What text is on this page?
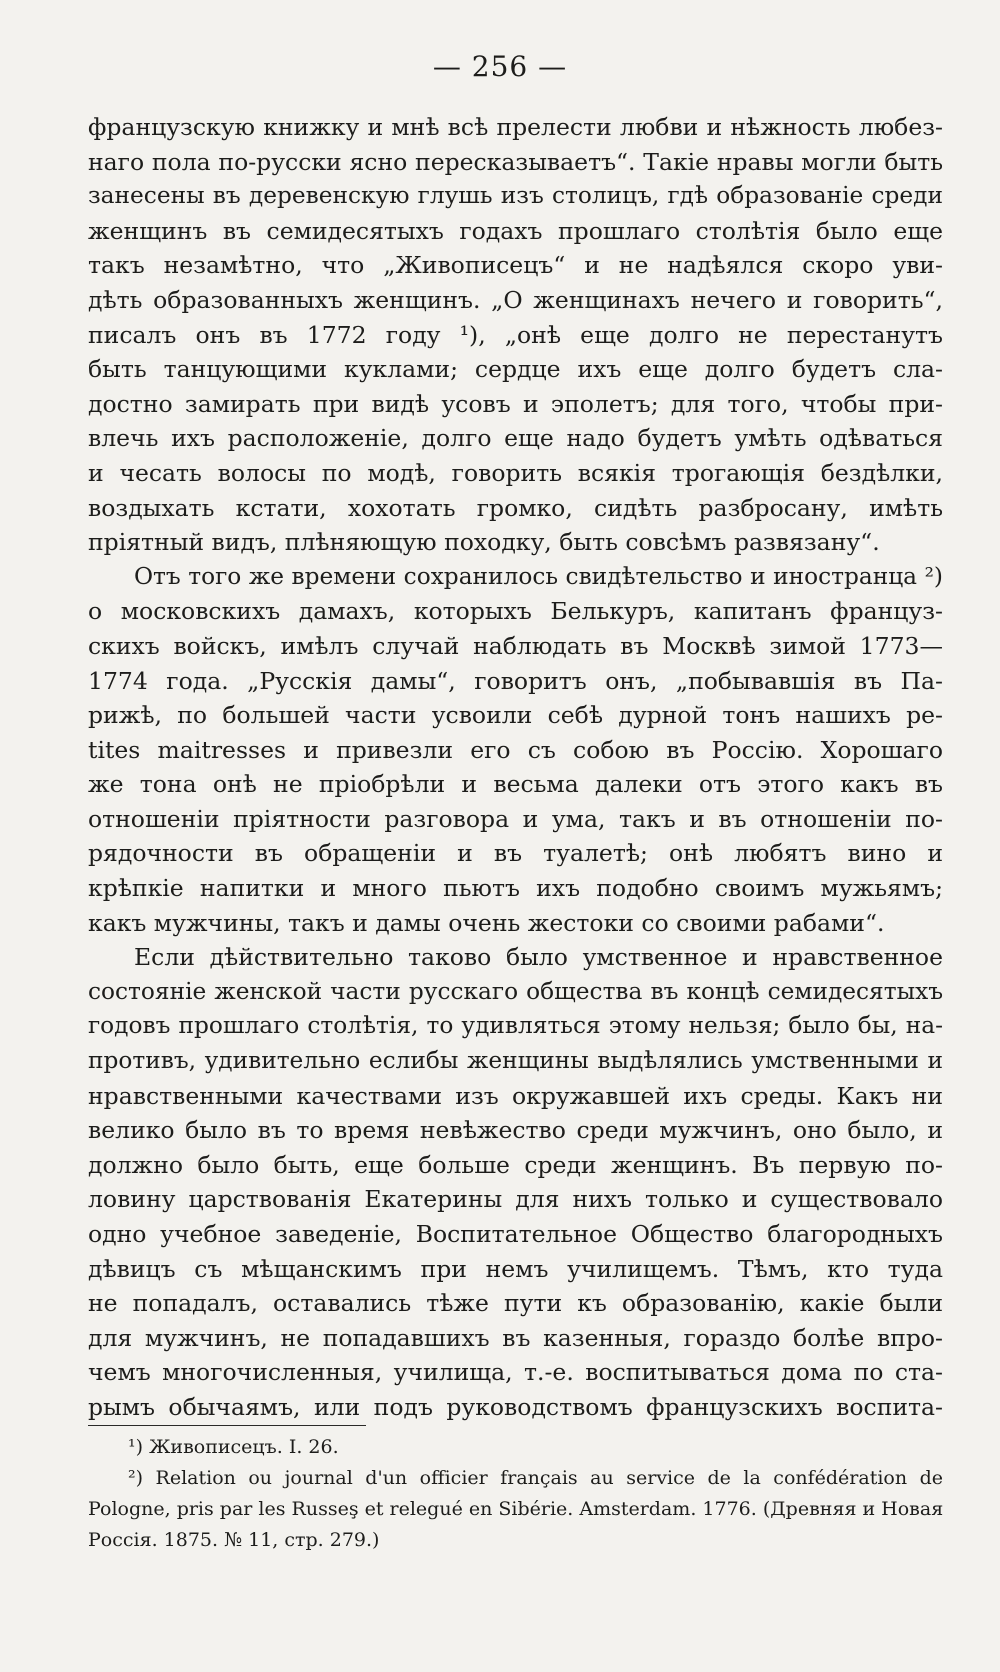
— 256 —
французскую книжку и мнѣ всѣ прелести любви и нѣжность любез-
наго пола по-русски ясно пересказываетъ“. Такіе нравы могли быть
занесены въ деревенскую глушь изъ столицъ, гдѣ образованіе среди
женщинъ въ семидесятыхъ годахъ прошлаго столѣтія было еще
такъ незамѣтно, что „Живописецъ“ и не надѣялся скоро уви-
дѣть образованныхъ женщинъ. „О женщинахъ нечего и говорить“,
писалъ онъ въ 1772 году ¹), „онѣ еще долго не перестанутъ
быть танцующими куклами; сердце ихъ еще долго будетъ сла-
достно замирать при видѣ усовъ и эполетъ; для того, чтобы при-
влечь ихъ расположеніе, долго еще надо будетъ умѣть одѣваться
и чесать волосы по модѣ, говорить всякія трогающія бездѣлки,
воздыхать кстати, хохотать громко, сидѣть разбросану, имѣть
пріятный видъ, плѣняющую походку, быть совсѣмъ развязану“.
Отъ того же времени сохранилось свидѣтельство и иностранца ²)
о московскихъ дамахъ, которыхъ Белькуръ, капитанъ француз-
скихъ войскъ, имѣлъ случай наблюдать въ Москвѣ зимой 1773—
1774 года. „Русскія дамы“, говоритъ онъ, „побывавшія въ Па-
рижѣ, по большей части усвоили себѣ дурной тонъ нашихъ pe-
tites maitresses и привезли его съ собою въ Россію. Хорошаго
же тона онѣ не пріобрѣли и весьма далеки отъ этого какъ въ
отношеніи пріятности разговора и ума, такъ и въ отношеніи по-
рядочности въ обращеніи и въ туалетѣ; онѣ любятъ вино и
крѣпкіе напитки и много пьютъ ихъ подобно своимъ мужьямъ;
какъ мужчины, такъ и дамы очень жестоки со своими рабами“.
Если дѣйствительно таково было умственное и нравственное
состояніе женской части русскаго общества въ концѣ семидесятыхъ
годовъ прошлаго столѣтія, то удивляться этому нельзя; было бы, на-
противъ, удивительно еслибы женщины выдѣлялись умственными и
нравственными качествами изъ окружавшей ихъ среды. Какъ ни
велико было въ то время невѣжество среди мужчинъ, оно было, и
должно было быть, еще больше среди женщинъ. Въ первую по-
ловину царствованія Екатерины для нихъ только и существовало
одно учебное заведеніе, Воспитательное Общество благородныхъ
дѣвицъ съ мѣщанскимъ при немъ училищемъ. Тѣмъ, кто туда
не попадалъ, оставались тѣже пути къ образованію, какіе были
для мужчинъ, не попадавшихъ въ казенныя, гораздо болѣе впро-
чемъ многочисленныя, училища, т.-е. воспитываться дома по ста-
рымъ обычаямъ, или подъ руководствомъ французскихъ воспита-
¹) Живописецъ. I. 26.
²) Relation ou journal d'un officier français au service de la confédération de
Pologne, pris par les Russeş et relegué en Sibérie. Amsterdam. 1776. (Древняя и Новая
Россія. 1875. № 11, стр. 279.)
